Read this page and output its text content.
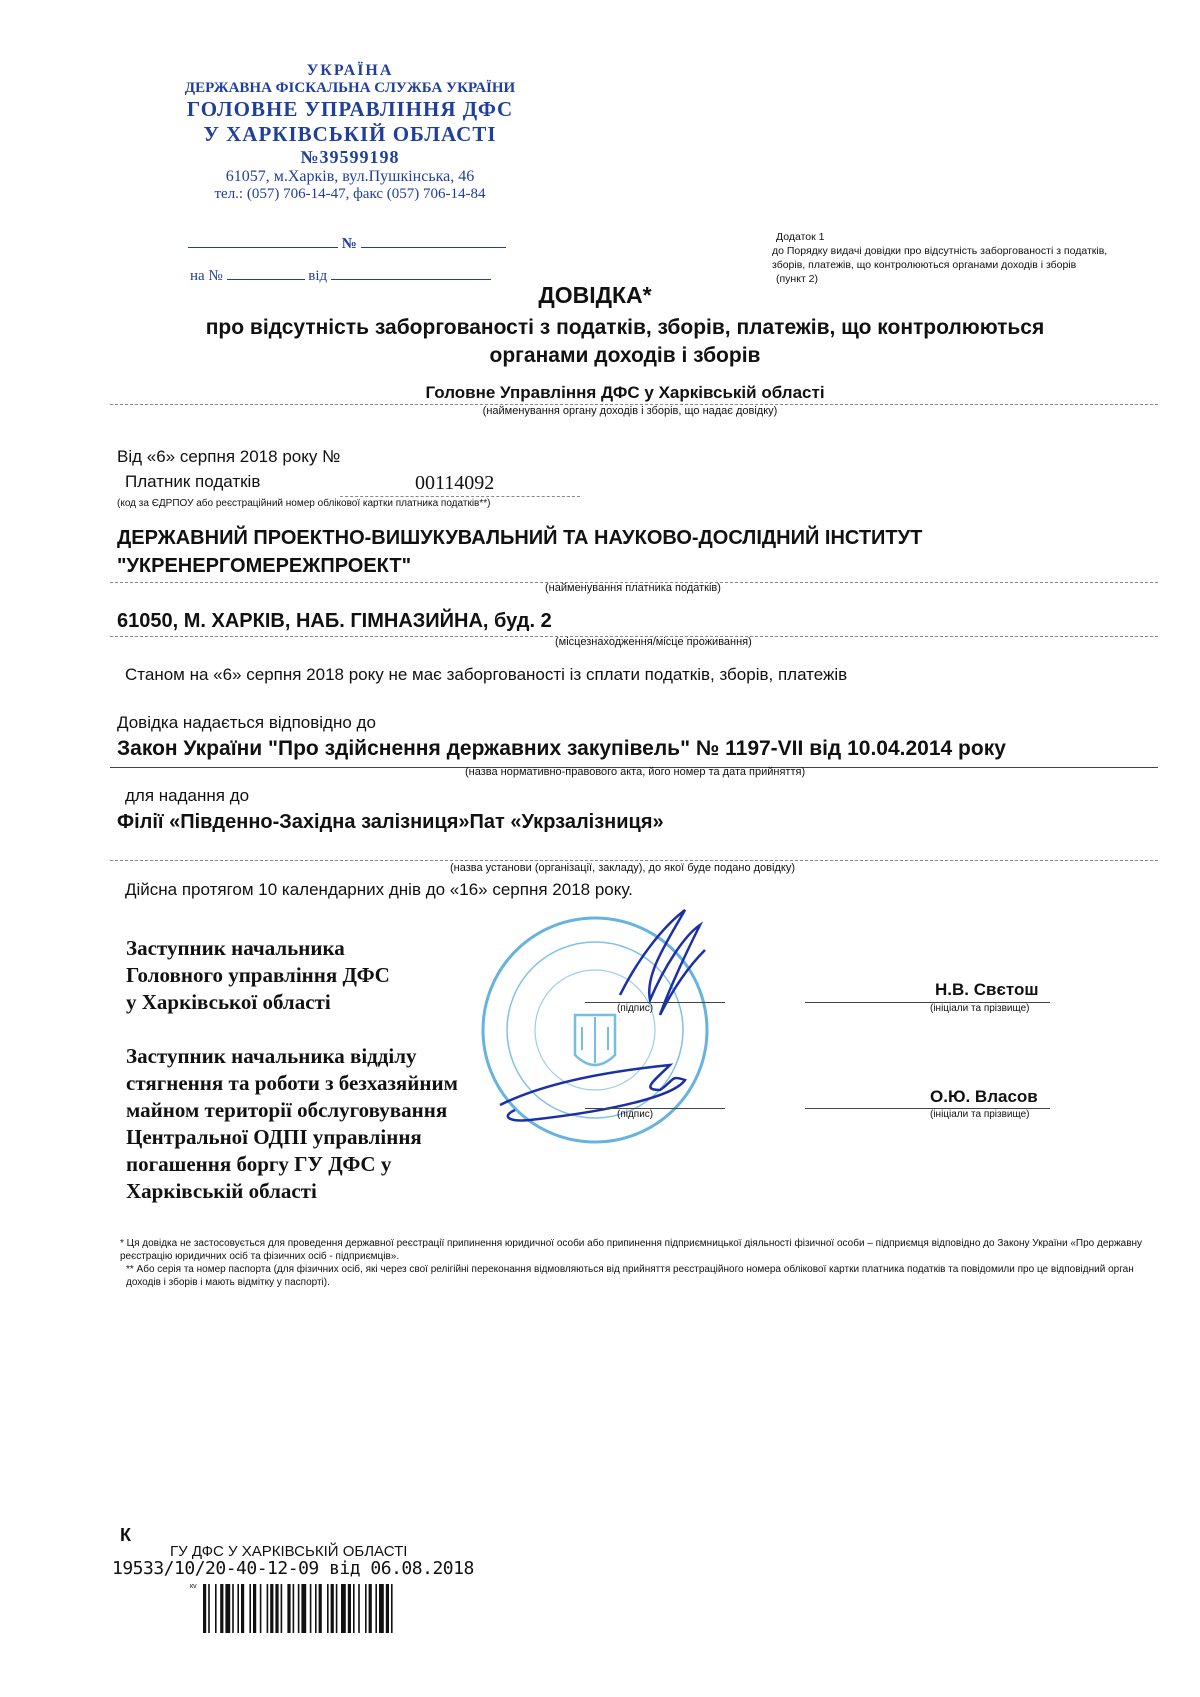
УКРАЇНА
ДЕРЖАВНА ФІСКАЛЬНА СЛУЖБА УКРАЇНИ
ГОЛОВНЕ УПРАВЛІННЯ ДФС
У ХАРКІВСЬКІЙ ОБЛАСТІ
№39599198
61057, м.Харків, вул.Пушкінська, 46
тел.: (057) 706-14-47, факс (057) 706-14-84
№
на №	від
Додаток 1
до Порядку видачі довідки про відсутність заборгованості з податків,
зборів, платежів, що контролюються органами доходів і зборів
(пункт 2)
ДОВІДКА*
про відсутність заборгованості з податків, зборів, платежів, що контролюються
органами доходів і зборів
Головне Управління ДФС у Харківській області
(найменування органу доходів і зборів, що надає довідку)
Від «6» серпня 2018 року №
Платник податків	00114092
(код за ЄДРПОУ або реєстраційний номер облікової картки платника податків**)
ДЕРЖАВНИЙ ПРОЕКТНО-ВИШУКУВАЛЬНИЙ ТА НАУКОВО-ДОСЛІДНИЙ ІНСТИТУТ
"УКРЕНЕРГОМЕРЕЖПРОЕКТ"
(найменування платника податків)
61050, М. ХАРКІВ, НАБ. ГІМНАЗИЙНА, буд. 2
(місцезнаходження/місце проживання)
Станом на «6» серпня 2018 року не має заборгованості із сплати податків, зборів, платежів
Довідка надається відповідно до
Закон України "Про здійснення державних закупівель" № 1197-VII від 10.04.2014 року
(назва нормативно-правового акта, його номер та дата прийняття)
для надання до
Філії «Південно-Західна залізниця»Пат «Укрзалізниця»
(назва установи (організації, закладу), до якої буде подано довідку)
Дійсна протягом 10 календарних днів до «16» серпня 2018 року.
Заступник начальника
Головного управління ДФС
у Харківської області	(підпис)
Н.В. Свєтош
(ініціали та прізвище)
Заступник начальника відділу
стягнення та роботи з безхазяйним
майном території обслуговування
Центральної ОДПІ управління
погашення боргу ГУ ДФС у
Харківській області
(підпис)
О.Ю. Власов
(ініціали та прізвище)
* Ця довідка не застосовується для проведення державної реєстрації припинення юридичної особи або припинення підприємницької діяльності фізичної особи – підприємця відповідно до Закону України «Про державну реєстрацію юридичних осіб та фізичних осіб - підприємців».
** Або серія та номер паспорта (для фізичних осіб, які через свої релігійні переконання відмовляються від прийняття реєстраційного номера облікової картки платника податків та повідомили про це відповідний орган доходів і зборів і мають відмітку у паспорті).
К
ГУ ДФС У ХАРКІВСЬКІЙ ОБЛАСТІ
19533/10/20-40-12-09 від 06.08.2018
кv
